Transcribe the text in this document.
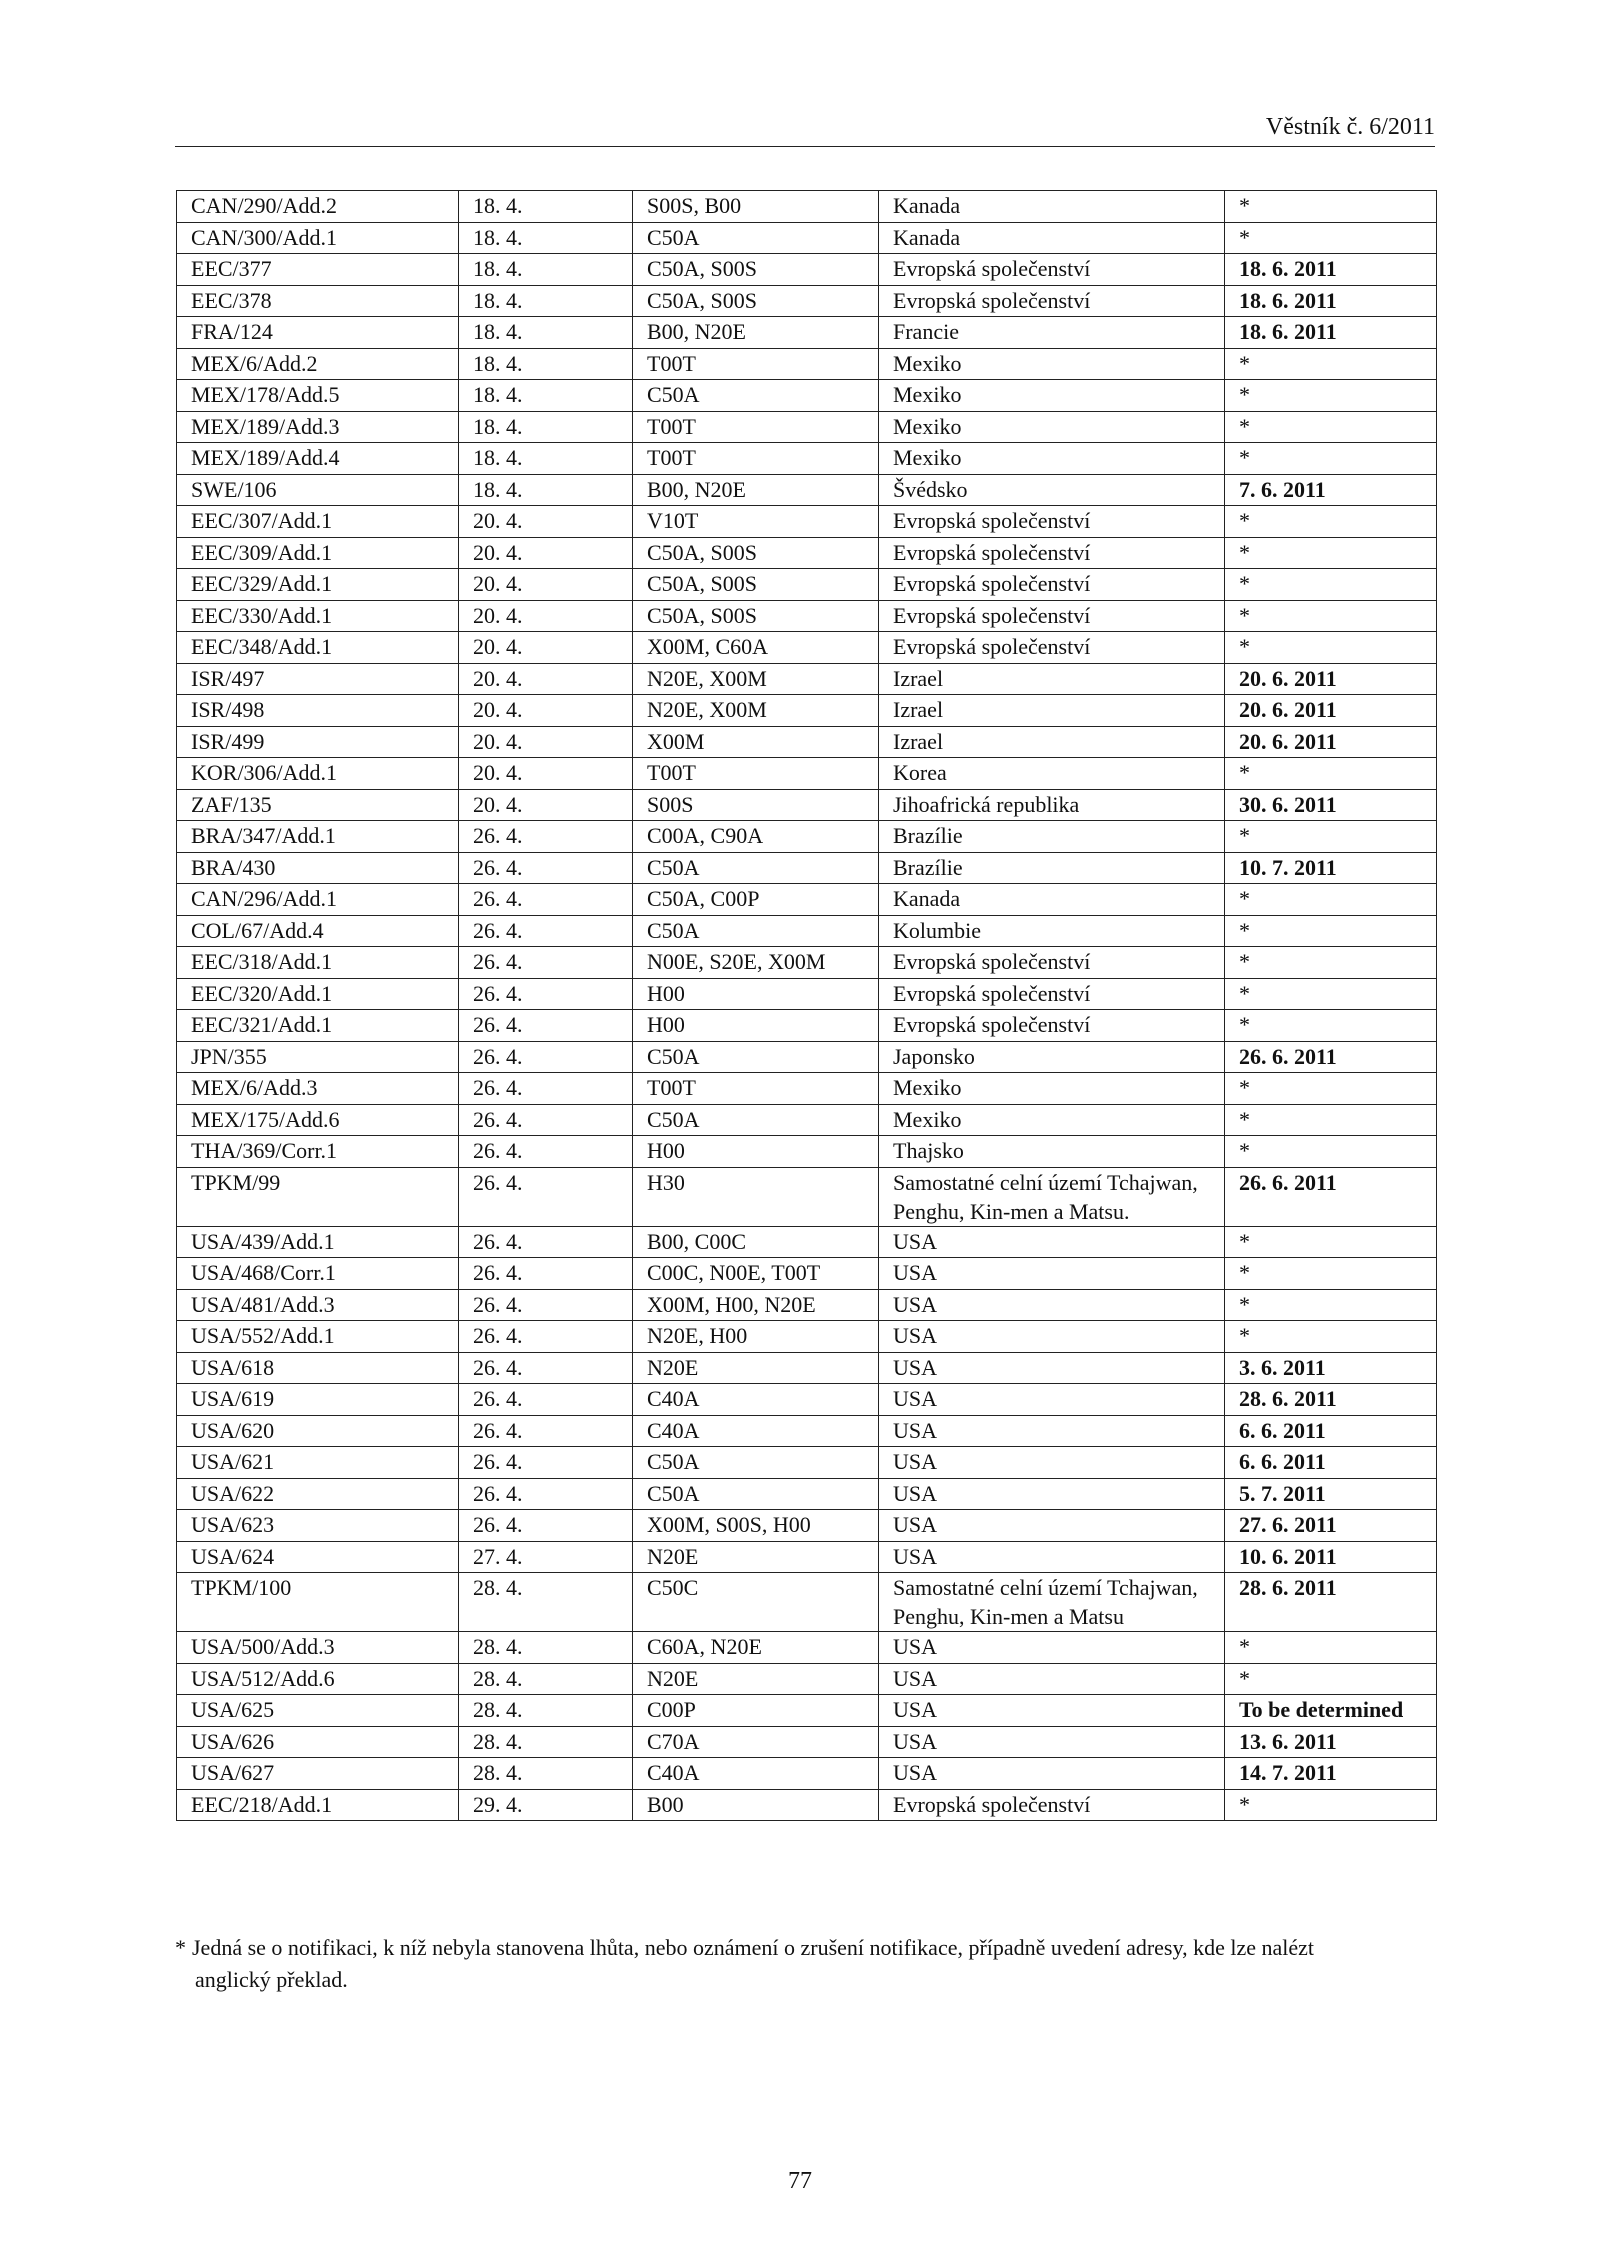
Věstník č. 6/2011
CAN/290/Add.2	18. 4.	S00S, B00	Kanada	*
CAN/300/Add.1	18. 4.	C50A	Kanada	*
EEC/377	18. 4.	C50A, S00S	Evropská společenství	18. 6. 2011
EEC/378	18. 4.	C50A, S00S	Evropská společenství	18. 6. 2011
FRA/124	18. 4.	B00, N20E	Francie	18. 6. 2011
MEX/6/Add.2	18. 4.	T00T	Mexiko	*
MEX/178/Add.5	18. 4.	C50A	Mexiko	*
MEX/189/Add.3	18. 4.	T00T	Mexiko	*
MEX/189/Add.4	18. 4.	T00T	Mexiko	*
SWE/106	18. 4.	B00, N20E	Švédsko	7. 6. 2011
EEC/307/Add.1	20. 4.	V10T	Evropská společenství	*
EEC/309/Add.1	20. 4.	C50A, S00S	Evropská společenství	*
EEC/329/Add.1	20. 4.	C50A, S00S	Evropská společenství	*
EEC/330/Add.1	20. 4.	C50A, S00S	Evropská společenství	*
EEC/348/Add.1	20. 4.	X00M, C60A	Evropská společenství	*
ISR/497	20. 4.	N20E, X00M	Izrael	20. 6. 2011
ISR/498	20. 4.	N20E, X00M	Izrael	20. 6. 2011
ISR/499	20. 4.	X00M	Izrael	20. 6. 2011
KOR/306/Add.1	20. 4.	T00T	Korea	*
ZAF/135	20. 4.	S00S	Jihoafrická republika	30. 6. 2011
BRA/347/Add.1	26. 4.	C00A, C90A	Brazílie	*
BRA/430	26. 4.	C50A	Brazílie	10. 7. 2011
CAN/296/Add.1	26. 4.	C50A, C00P	Kanada	*
COL/67/Add.4	26. 4.	C50A	Kolumbie	*
EEC/318/Add.1	26. 4.	N00E, S20E, X00M	Evropská společenství	*
EEC/320/Add.1	26. 4.	H00	Evropská společenství	*
EEC/321/Add.1	26. 4.	H00	Evropská společenství	*
JPN/355	26. 4.	C50A	Japonsko	26. 6. 2011
MEX/6/Add.3	26. 4.	T00T	Mexiko	*
MEX/175/Add.6	26. 4.	C50A	Mexiko	*
THA/369/Corr.1	26. 4.	H00	Thajsko	*
TPKM/99	26. 4.	H30	Samostatné celní území Tchajwan, Penghu, Kin-men a Matsu.	26. 6. 2011
USA/439/Add.1	26. 4.	B00, C00C	USA	*
USA/468/Corr.1	26. 4.	C00C, N00E, T00T	USA	*
USA/481/Add.3	26. 4.	X00M, H00, N20E	USA	*
USA/552/Add.1	26. 4.	N20E, H00	USA	*
USA/618	26. 4.	N20E	USA	3. 6. 2011
USA/619	26. 4.	C40A	USA	28. 6. 2011
USA/620	26. 4.	C40A	USA	6. 6. 2011
USA/621	26. 4.	C50A	USA	6. 6. 2011
USA/622	26. 4.	C50A	USA	5. 7. 2011
USA/623	26. 4.	X00M, S00S, H00	USA	27. 6. 2011
USA/624	27. 4.	N20E	USA	10. 6. 2011
TPKM/100	28. 4.	C50C	Samostatné celní území Tchajwan, Penghu, Kin-men a Matsu	28. 6. 2011
USA/500/Add.3	28. 4.	C60A, N20E	USA	*
USA/512/Add.6	28. 4.	N20E	USA	*
USA/625	28. 4.	C00P	USA	To be determined
USA/626	28. 4.	C70A	USA	13. 6. 2011
USA/627	28. 4.	C40A	USA	14. 7. 2011
EEC/218/Add.1	29. 4.	B00	Evropská společenství	*
* Jedná se o notifikaci, k níž nebyla stanovena lhůta, nebo oznámení o zrušení notifikace, případně uvedení adresy, kde lze nalézt
anglický překlad.
77
